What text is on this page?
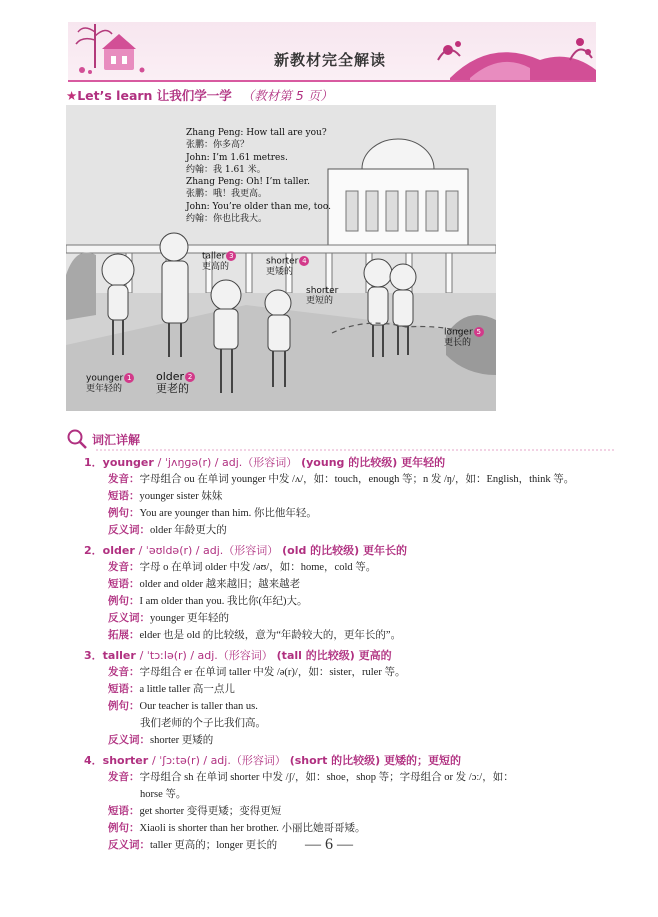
新教材完全解读
★Let’s learn 让我们学一学 （教材第 5 页）
Zhang Peng: How tall are you?
张鹏：你多高？
John: I’m 1.61 metres.
约翰：我 1.61 米。
Zhang Peng: Oh! I’m taller.
张鹏：哦！我更高。
John: You’re older than me, too.
约翰：你也比我大。
taller 3
更高的	shorter 4
更矮的
shorter
更短的
longer 5
更长的
younger 1
更年轻的
older 2
更老的
词汇详解
1．younger / ˈjʌŋɡə(r) / adj.（形容词） (young 的比较级) 更年轻的
发音：字母组合 ou 在单词 younger 中发 /ʌ/，如：touch，enough 等；n 发 /ŋ/，如：English，think 等。
短语：younger sister 妹妹
例句：You are younger than him. 你比他年轻。
反义词：older 年龄更大的
2．older / ˈəʊldə(r) / adj.（形容词） (old 的比较级) 更年长的
发音：字母 o 在单词 older 中发 /əʊ/，如：home，cold 等。
短语：older and older 越来越旧；越来越老
例句：I am older than you. 我比你(年纪)大。
反义词：younger 更年轻的
拓展：elder 也是 old 的比较级，意为“年龄较大的，更年长的”。
3．taller / ˈtɔːlə(r) / adj.（形容词） (tall 的比较级) 更高的
发音：字母组合 er 在单词 taller 中发 /ə(r)/，如：sister，ruler 等。
短语：a little taller 高一点儿
例句：Our teacher is taller than us.
我们老师的个子比我们高。
反义词：shorter 更矮的
4．shorter / ˈʃɔːtə(r) / adj.（形容词） (short 的比较级) 更矮的；更短的
发音：字母组合 sh 在单词 shorter 中发 /ʃ/，如：shoe，shop 等；字母组合 or 发 /ɔː/，如：
horse 等。
短语：get shorter 变得更矮；变得更短
例句：Xiaoli is shorter than her brother. 小丽比她哥哥矮。
反义词：taller 更高的；longer 更长的	— 6 —
